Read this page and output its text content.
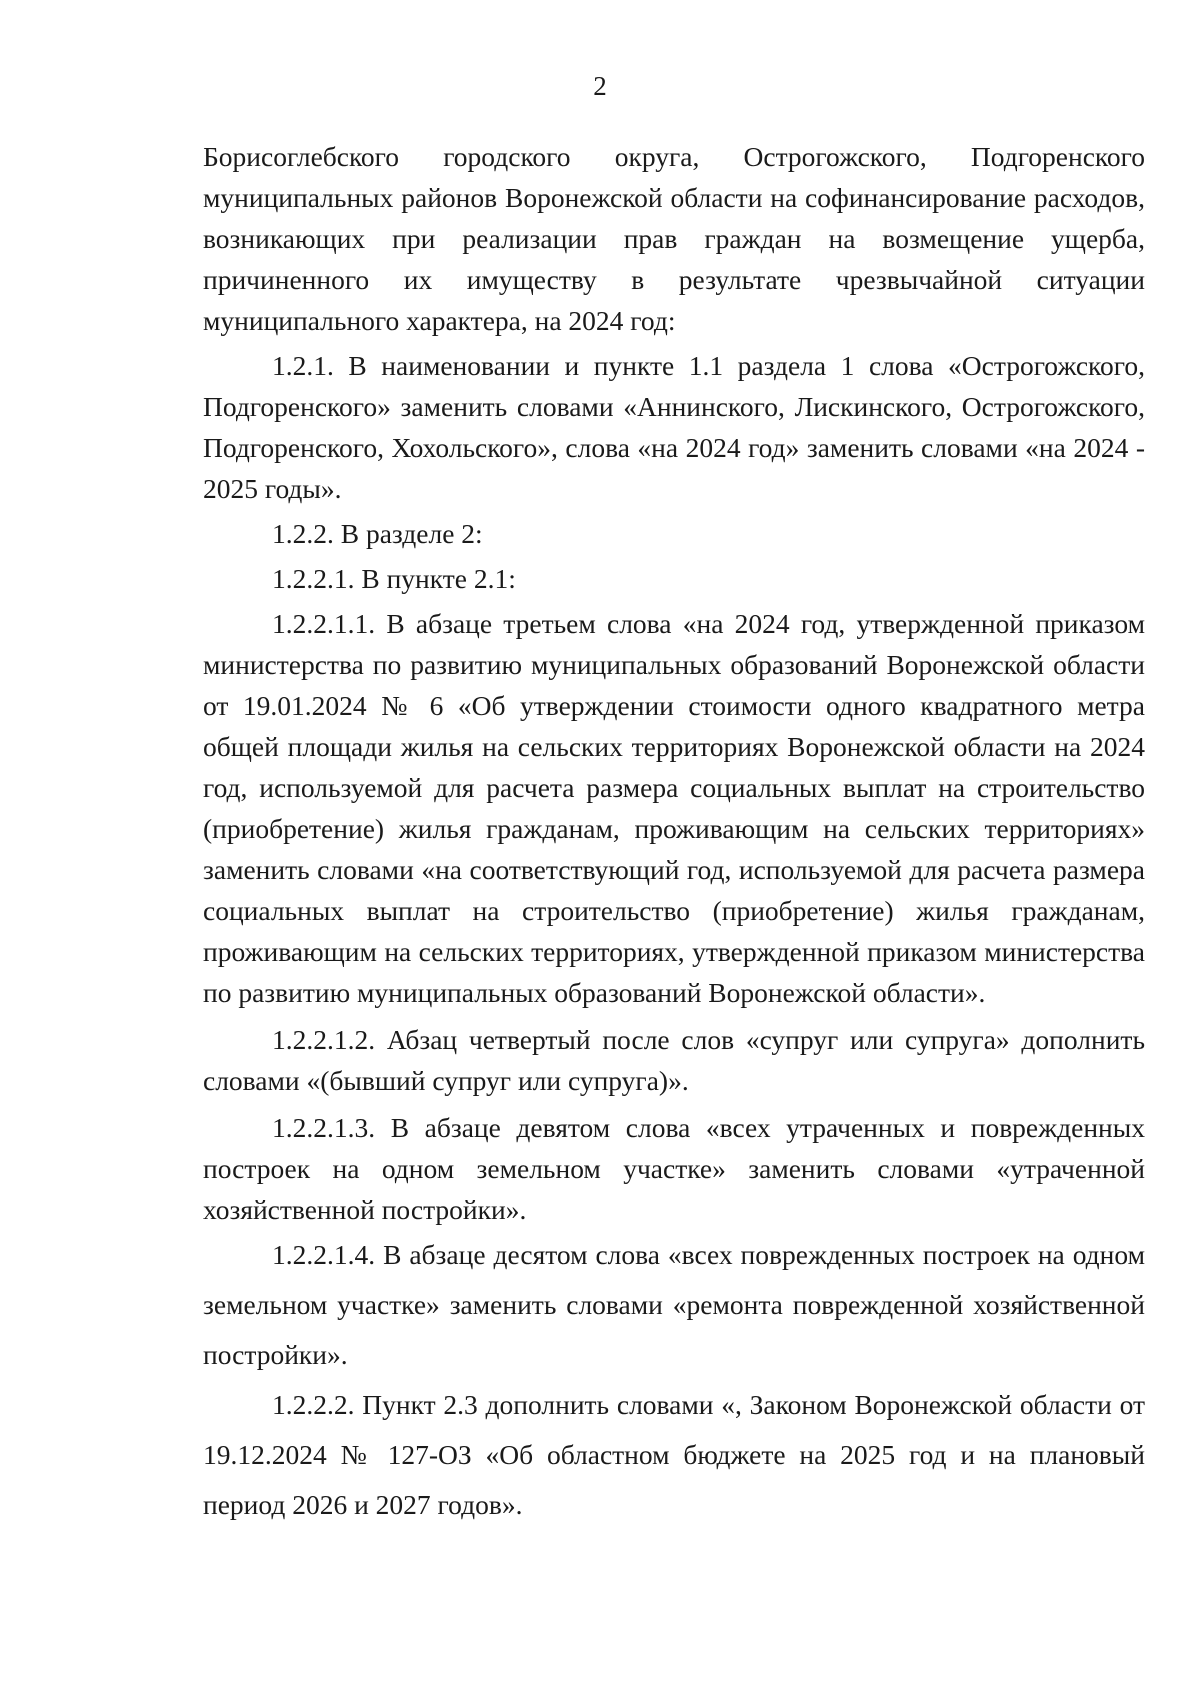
2

Борисоглебского городского округа, Острогожского, Подгоренского муниципальных районов Воронежской области на софинансирование расходов, возникающих при реализации прав граждан на возмещение ущерба, причиненного их имуществу в результате чрезвычайной ситуации муниципального характера, на 2024 год:

1.2.1. В наименовании и пункте 1.1 раздела 1 слова «Острогожского, Подгоренского» заменить словами «Аннинского, Лискинского, Острогожского, Подгоренского, Хохольского», слова «на 2024 год» заменить словами «на 2024 - 2025 годы».

1.2.2. В разделе 2:

1.2.2.1. В пункте 2.1:

1.2.2.1.1. В абзаце третьем слова «на 2024 год, утвержденной приказом министерства по развитию муниципальных образований Воронежской области от 19.01.2024 № 6 «Об утверждении стоимости одного квадратного метра общей площади жилья на сельских территориях Воронежской области на 2024 год, используемой для расчета размера социальных выплат на строительство (приобретение) жилья гражданам, проживающим на сельских территориях» заменить словами «на соответствующий год, используемой для расчета размера социальных выплат на строительство (приобретение) жилья гражданам, проживающим на сельских территориях, утвержденной приказом министерства по развитию муниципальных образований Воронежской области».

1.2.2.1.2. Абзац четвертый после слов «супруг или супруга» дополнить словами «(бывший супруг или супруга)».

1.2.2.1.3. В абзаце девятом слова «всех утраченных и поврежденных построек на одном земельном участке» заменить словами «утраченной хозяйственной постройки».

1.2.2.1.4. В абзаце десятом слова «всех поврежденных построек на одном земельном участке» заменить словами «ремонта поврежденной хозяйственной постройки».

1.2.2.2. Пункт 2.3 дополнить словами «, Законом Воронежской области от 19.12.2024 № 127-ОЗ «Об областном бюджете на 2025 год и на плановый период 2026 и 2027 годов».
